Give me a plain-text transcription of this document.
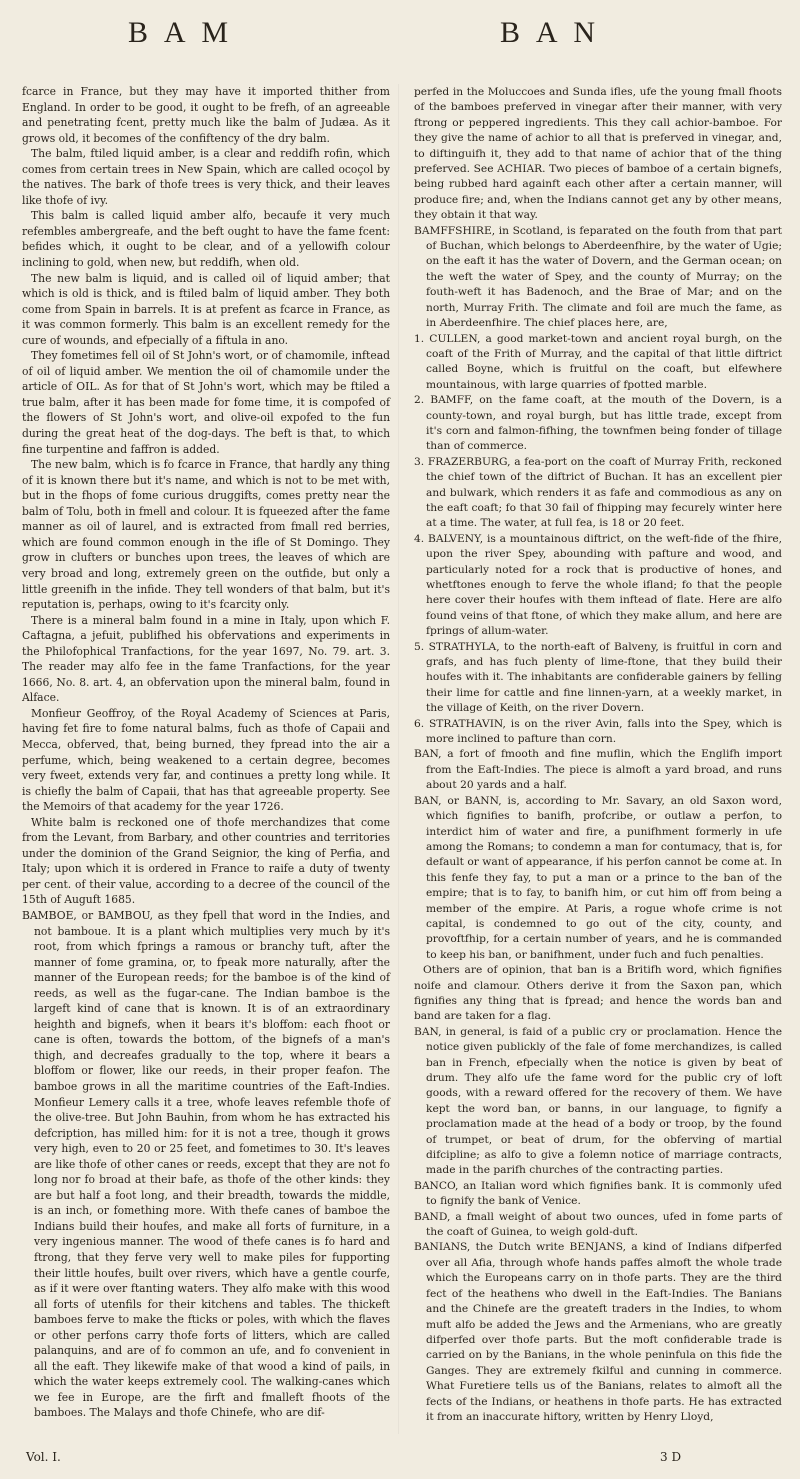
B A M	B A N

fcarce in France, but they may have it imported thither from England. In order to be good, it ought to be frefh, of an agreeable and penetrating fcent, pretty much like the balm of Judæa. As it grows old, it becomes of the confiftency of the dry balm.

The balm, ftiled liquid amber, is a clear and reddifh rofin, which comes from certain trees in New Spain, which are called ocoçol by the natives. The bark of thofe trees is very thick, and their leaves like thofe of ivy.

This balm is called liquid amber alfo, becaufe it very much refembles ambergreafe, and the beft ought to have the fame fcent: befides which, it ought to be clear, and of a yellowifh colour inclining to gold, when new, but reddifh, when old.

The new balm is liquid, and is called oil of liquid amber; that which is old is thick, and is ftiled balm of liquid amber. They both come from Spain in barrels. It is at prefent as fcarce in France, as it was common formerly. This balm is an excellent remedy for the cure of wounds, and efpecially of a fiftula in ano.

They fometimes fell oil of St John's wort, or of chamomile, inftead of oil of liquid amber. We mention the oil of chamomile under the article of OIL. As for that of St John's wort, which may be ftiled a true balm, after it has been made for fome time, it is compofed of the flowers of St John's wort, and olive-oil expofed to the fun during the great heat of the dog-days. The beft is that, to which fine turpentine and faffron is added.

The new balm, which is fo fcarce in France, that hardly any thing of it is known there but it's name, and which is not to be met with, but in the fhops of fome curious druggifts, comes pretty near the balm of Tolu, both in fmell and colour. It is fqueezed after the fame manner as oil of laurel, and is extracted from fmall red berries, which are found common enough in the ifle of St Domingo. They grow in clufters or bunches upon trees, the leaves of which are very broad and long, extremely green on the outfide, but only a little greenifh in the infide. They tell wonders of that balm, but it's reputation is, perhaps, owing to it's fcarcity only.

There is a mineral balm found in a mine in Italy, upon which F. Caftagna, a jefuit, publifhed his obfervations and experiments in the Philofophical Tranfactions, for the year 1697, No. 79. art. 3. The reader may alfo fee in the fame Tranfactions, for the year 1666, No. 8. art. 4, an obfervation upon the mineral balm, found in Alface.

Monfieur Geoffroy, of the Royal Academy of Sciences at Paris, having fet fire to fome natural balms, fuch as thofe of Capaii and Mecca, obferved, that, being burned, they fpread into the air a perfume, which, being weakened to a certain degree, becomes very fweet, extends very far, and continues a pretty long while. It is chiefly the balm of Capaii, that has that agreeable property. See the Memoirs of that academy for the year 1726.

White balm is reckoned one of thofe merchandizes that come from the Levant, from Barbary, and other countries and territories under the dominion of the Grand Seignior, the king of Perfia, and Italy; upon which it is ordered in France to raife a duty of twenty per cent. of their value, according to a decree of the council of the 15th of Auguft 1685.

BAMBOE, or BAMBOU, as they fpell that word in the Indies, and not bamboue. It is a plant which multiplies very much by it's root, from which fprings a ramous or branchy tuft, after the manner of fome gramina, or, to fpeak more naturally, after the manner of the European reeds; for the bamboe is of the kind of reeds, as well as the fugar-cane. The Indian bamboe is the largeft kind of cane that is known. It is of an extraordinary heighth and bignefs, when it bears it's bloffom: each fhoot or cane is often, towards the bottom, of the bignefs of a man's thigh, and decreafes gradually to the top, where it bears a bloffom or flower, like our reeds, in their proper feafon. The bamboe grows in all the maritime countries of the Eaft-Indies. Monfieur Lemery calls it a tree, whofe leaves refemble thofe of the olive-tree. But John Bauhin, from whom he has extracted his defcription, has milled him: for it is not a tree, though it grows very high, even to 20 or 25 feet, and fometimes to 30. It's leaves are like thofe of other canes or reeds, except that they are not fo long nor fo broad at their bafe, as thofe of the other kinds: they are but half a foot long, and their breadth, towards the middle, is an inch, or fomething more. With thefe canes of bamboe the Indians build their houfes, and make all forts of furniture, in a very ingenious manner. The wood of thefe canes is fo hard and ftrong, that they ferve very well to make piles for fupporting their little houfes, built over rivers, which have a gentle courfe, as if it were over ftanting waters. They alfo make with this wood all forts of utenfils for their kitchens and tables. The thickeft bamboes ferve to make the fticks or poles, with which the flaves or other perfons carry thofe forts of litters, which are called palanquins, and are of fo common an ufe, and fo convenient in all the eaft. They likewife make of that wood a kind of pails, in which the water keeps extremely cool. The walking-canes which we fee in Europe, are the firft and fmalleft fhoots of the bamboes. The Malays and thofe Chinefe, who are dif-

perfed in the Moluccoes and Sunda ifles, ufe the young fmall fhoots of the bamboes preferved in vinegar after their manner, with very ftrong or peppered ingredients. This they call achior-bamboe. For they give the name of achior to all that is preferved in vinegar, and, to diftinguifh it, they add to that name of achior that of the thing preferved. See ACHIAR. Two pieces of bamboe of a certain bignefs, being rubbed hard againft each other after a certain manner, will produce fire; and, when the Indians cannot get any by other means, they obtain it that way.

BAMFFSHIRE, in Scotland, is feparated on the fouth from that part of Buchan, which belongs to Aberdeenfhire, by the water of Ugie; on the eaft it has the water of Dovern, and the German ocean; on the weft the water of Spey, and the county of Murray; on the fouth-weft it has Badenoch, and the Brae of Mar; and on the north, Murray Frith. The climate and foil are much the fame, as in Aberdeenfhire. The chief places here, are,

1. CULLEN, a good market-town and ancient royal burgh, on the coaft of the Frith of Murray, and the capital of that little diftrict called Boyne, which is fruitful on the coaft, but elfewhere mountainous, with large quarries of fpotted marble.

2. BAMFF, on the fame coaft, at the mouth of the Dovern, is a county-town, and royal burgh, but has little trade, except from it's corn and falmon-fifhing, the townfmen being fonder of tillage than of commerce.

3. FRAZERBURG, a fea-port on the coaft of Murray Frith, reckoned the chief town of the diftrict of Buchan. It has an excellent pier and bulwark, which renders it as fafe and commodious as any on the eaft coaft; fo that 30 fail of fhipping may fecurely winter here at a time. The water, at full fea, is 18 or 20 feet.

4. BALVENY, is a mountainous diftrict, on the weft-fide of the fhire, upon the river Spey, abounding with pafture and wood, and particularly noted for a rock that is productive of hones, and whetftones enough to ferve the whole ifland; fo that the people here cover their houfes with them inftead of flate. Here are alfo found veins of that ftone, of which they make allum, and here are fprings of allum-water.

5. STRATHYLA, to the north-eaft of Balveny, is fruitful in corn and grafs, and has fuch plenty of lime-ftone, that they build their houfes with it. The inhabitants are confiderable gainers by felling their lime for cattle and fine linnen-yarn, at a weekly market, in the village of Keith, on the river Dovern.

6. STRATHAVIN, is on the river Avin, falls into the Spey, which is more inclined to pafture than corn.

BAN, a fort of fmooth and fine muflin, which the Englifh import from the Eaft-Indies. The piece is almoft a yard broad, and runs about 20 yards and a half.

BAN, or BANN, is, according to Mr. Savary, an old Saxon word, which fignifies to banifh, profcribe, or outlaw a perfon, to interdict him of water and fire, a punifhment formerly in ufe among the Romans; to condemn a man for contumacy, that is, for default or want of appearance, if his perfon cannot be come at. In this fenfe they fay, to put a man or a prince to the ban of the empire; that is to fay, to banifh him, or cut him off from being a member of the empire. At Paris, a rogue whofe crime is not capital, is condemned to go out of the city, county, and provoftfhip, for a certain number of years, and he is commanded to keep his ban, or banifhment, under fuch and fuch penalties.

Others are of opinion, that ban is a Britifh word, which fignifies noife and clamour. Others derive it from the Saxon pan, which fignifies any thing that is fpread; and hence the words ban and band are taken for a flag.

BAN, in general, is faid of a public cry or proclamation. Hence the notice given publickly of the fale of fome merchandizes, is called ban in French, efpecially when the notice is given by beat of drum. They alfo ufe the fame word for the public cry of loft goods, with a reward offered for the recovery of them. We have kept the word ban, or banns, in our language, to fignify a proclamation made at the head of a body or troop, by the found of trumpet, or beat of drum, for the obferving of martial difcipline; as alfo to give a folemn notice of marriage contracts, made in the parifh churches of the contracting parties.

BANCO, an Italian word which fignifies bank. It is commonly ufed to fignify the bank of Venice.

BAND, a fmall weight of about two ounces, ufed in fome parts of the coaft of Guinea, to weigh gold-duft.

BANIANS, the Dutch write BENJANS, a kind of Indians difperfed over all Afia, through whofe hands paffes almoft the whole trade which the Europeans carry on in thofe parts. They are the third fect of the heathens who dwell in the Eaft-Indies. The Banians and the Chinefe are the greateft traders in the Indies, to whom muft alfo be added the Jews and the Armenians, who are greatly difperfed over thofe parts. But the moft confiderable trade is carried on by the Banians, in the whole peninfula on this fide the Ganges. They are extremely fkilful and cunning in commerce. What Furetiere tells us of the Banians, relates to almoft all the fects of the Indians, or heathens in thofe parts. He has extracted it from an inaccurate hiftory, written by Henry Lloyd,

Vol. I.	3 D
